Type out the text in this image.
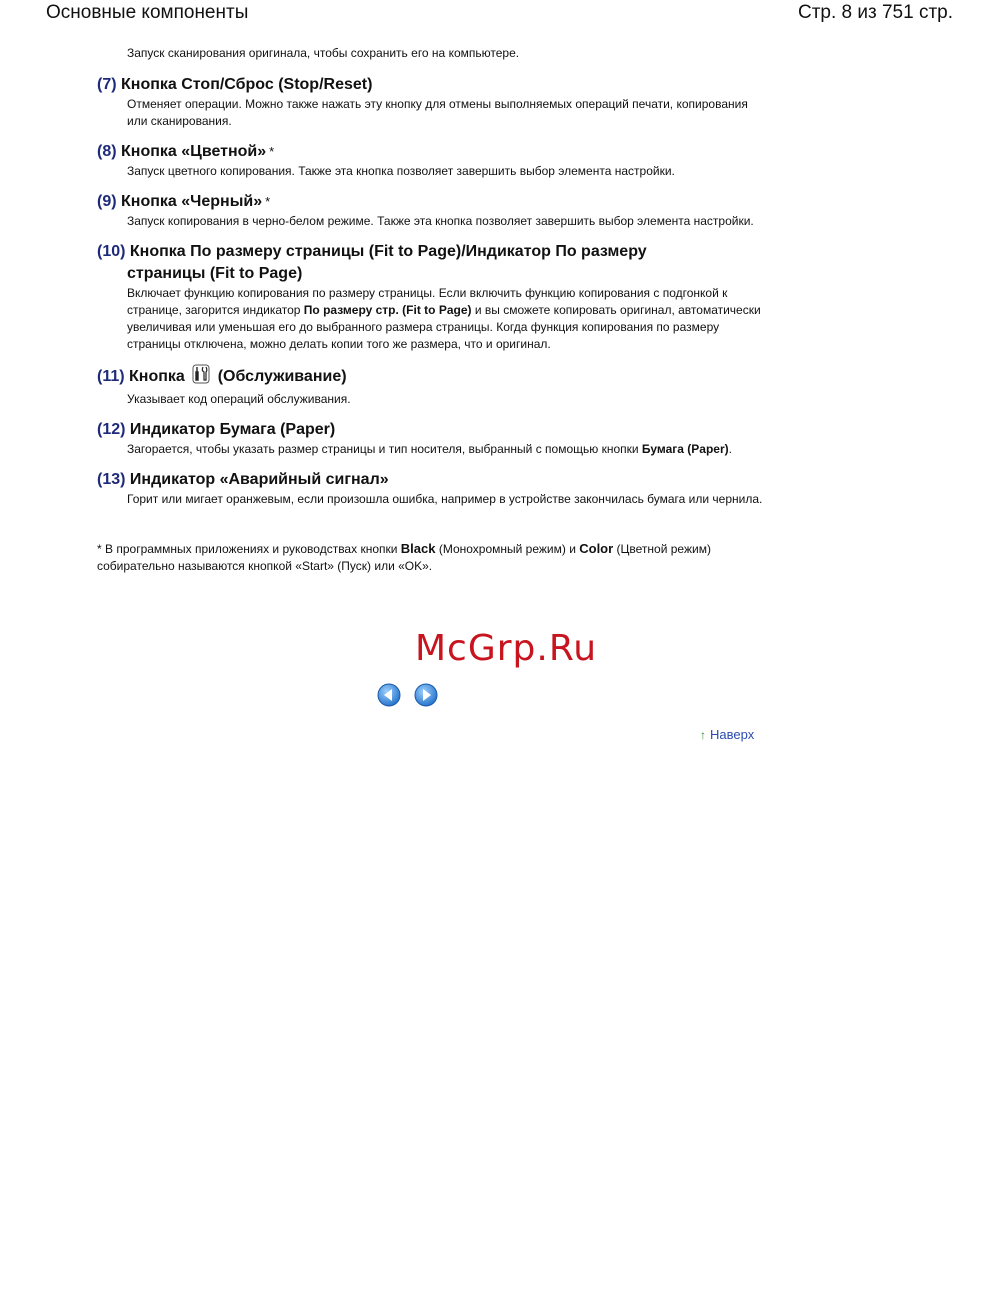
Основные компоненты	Стр. 8 из 751 стр.
Запуск сканирования оригинала, чтобы сохранить его на компьютере.
(7) Кнопка Стоп/Сброс (Stop/Reset)
Отменяет операции. Можно также нажать эту кнопку для отмены выполняемых операций печати, копирования или сканирования.
(8) Кнопка «Цветной» *
Запуск цветного копирования. Также эта кнопка позволяет завершить выбор элемента настройки.
(9) Кнопка «Черный» *
Запуск копирования в черно-белом режиме. Также эта кнопка позволяет завершить выбор элемента настройки.
(10) Кнопка По размеру страницы (Fit to Page)/Индикатор По размеру
страницы (Fit to Page)
Включает функцию копирования по размеру страницы. Если включить функцию копирования с подгонкой к странице, загорится индикатор По размеру стр. (Fit to Page) и вы сможете копировать оригинал, автоматически увеличивая или уменьшая его до выбранного размера страницы. Когда функция копирования по размеру страницы отключена, можно делать копии того же размера, что и оригинал.
(11) Кнопка (Обслуживание)
Указывает код операций обслуживания.
(12) Индикатор Бумага (Paper)
Загорается, чтобы указать размер страницы и тип носителя, выбранный с помощью кнопки Бумага (Paper).
(13) Индикатор «Аварийный сигнал»
Горит или мигает оранжевым, если произошла ошибка, например в устройстве закончилась бумага или чернила.
* В программных приложениях и руководствах кнопки Black (Монохромный режим) и Color (Цветной режим) собирательно называются кнопкой «Start» (Пуск) или «OK».
McGrp.Ru

↑ Наверх
